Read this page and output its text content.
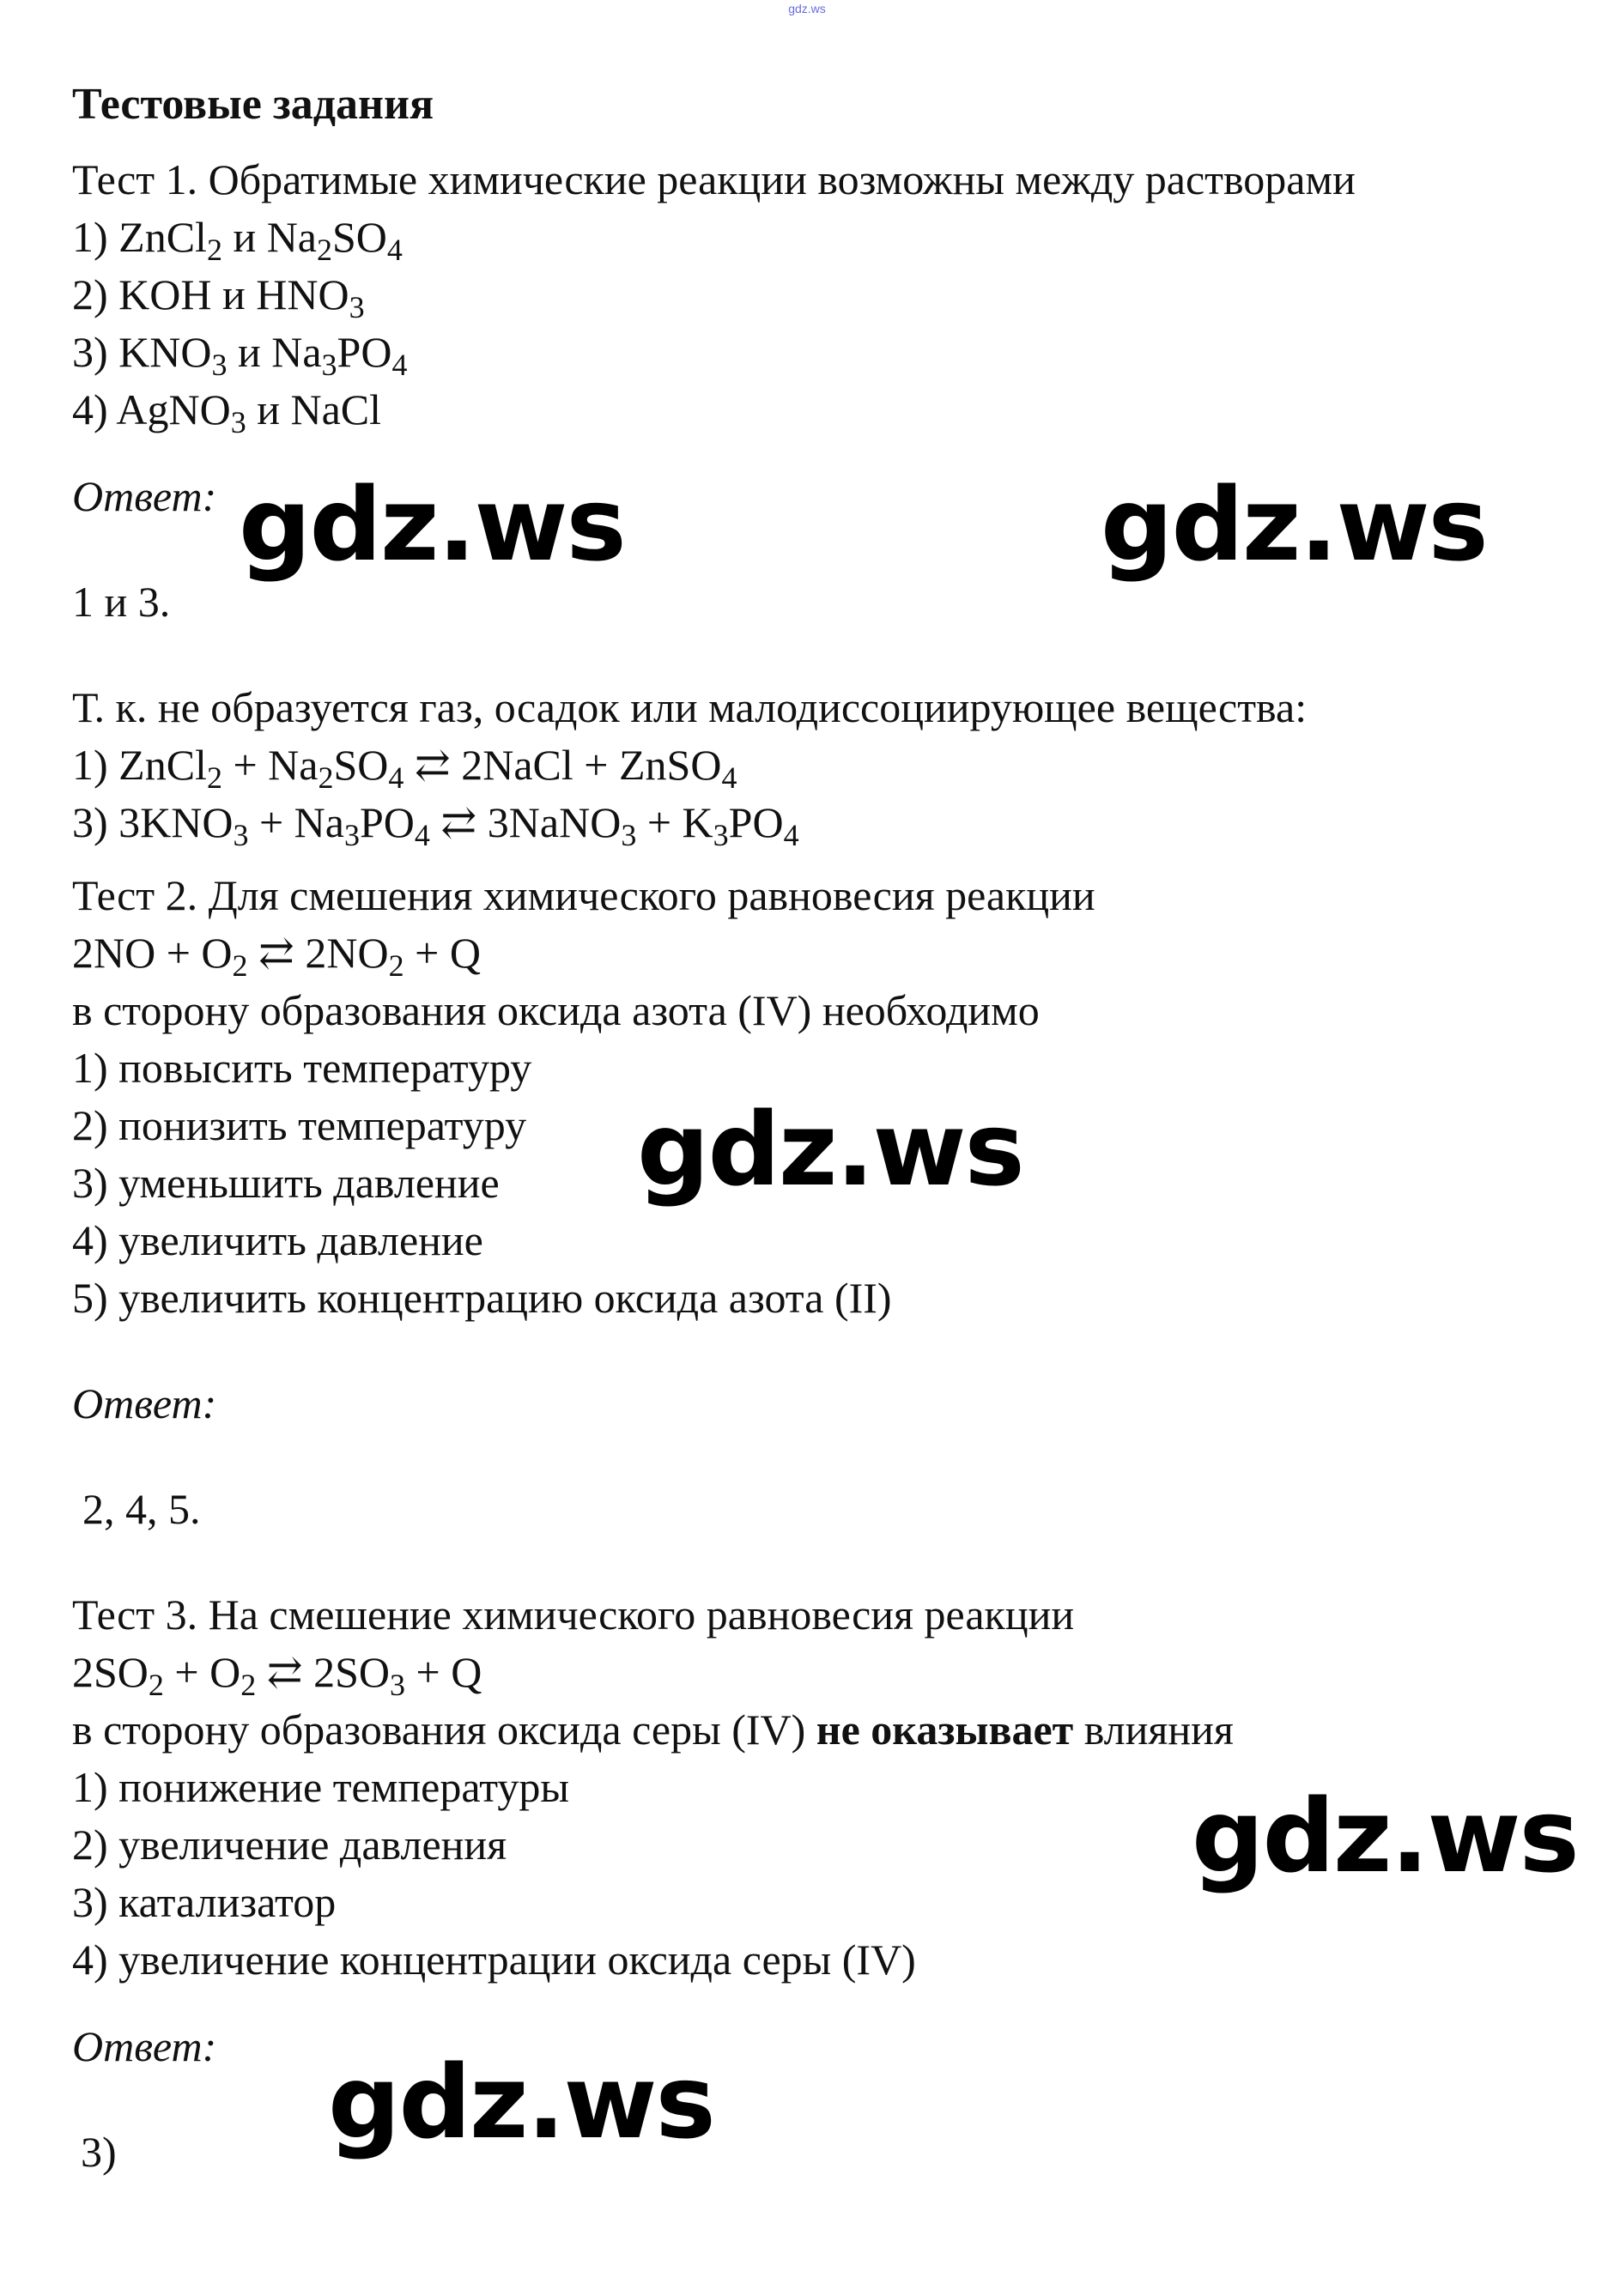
gdz.ws
Тестовые задания
Тест 1. Обратимые химические реакции возможны между растворами
1) ZnCl$_2$ и $Na_2SO_4$
2) KOH и $HNO_3$
3) $KNO_3$ и $Na_3PO_4$
4) AgNO$_3$ и NaCl
Ответ:
1 и 3.
Т. к. не образуется газ, осадок или малодиссоциирующее вещества:
1) ZnCl$_2$ + $Na_2SO_4$ ⇄ 2NaCl + ZnSO$_4$
3) $3KNO_3 + Na_3PO_4$ ⇄ 3NaNO$_3$ + $K_3PO_4$
Тест 2. Для смешения химического равновесия реакции
$2NO + O_2$ ⇄ $2NO_2 + Q$
в сторону образования оксида азота (IV) необходимо
1) повысить температуру
2) понизить температуру
3) уменьшить давление
4) увеличить давление
5) увеличить концентрацию оксида азота (II)
Ответ:
2, 4, 5.
Тест 3. На смешение химического равновесия реакции
$2SO_2 + O_2$ ⇄ $2SO_3 + Q$
в сторону образования оксида серы (IV) не оказывает влияния
1) понижение температуры
2) увеличение давления
3) катализатор
4) увеличение концентрации оксида серы (IV)
Ответ:
3)
gdz.ws	gdz.ws
gdz.ws
gdz.ws
gdz.ws
